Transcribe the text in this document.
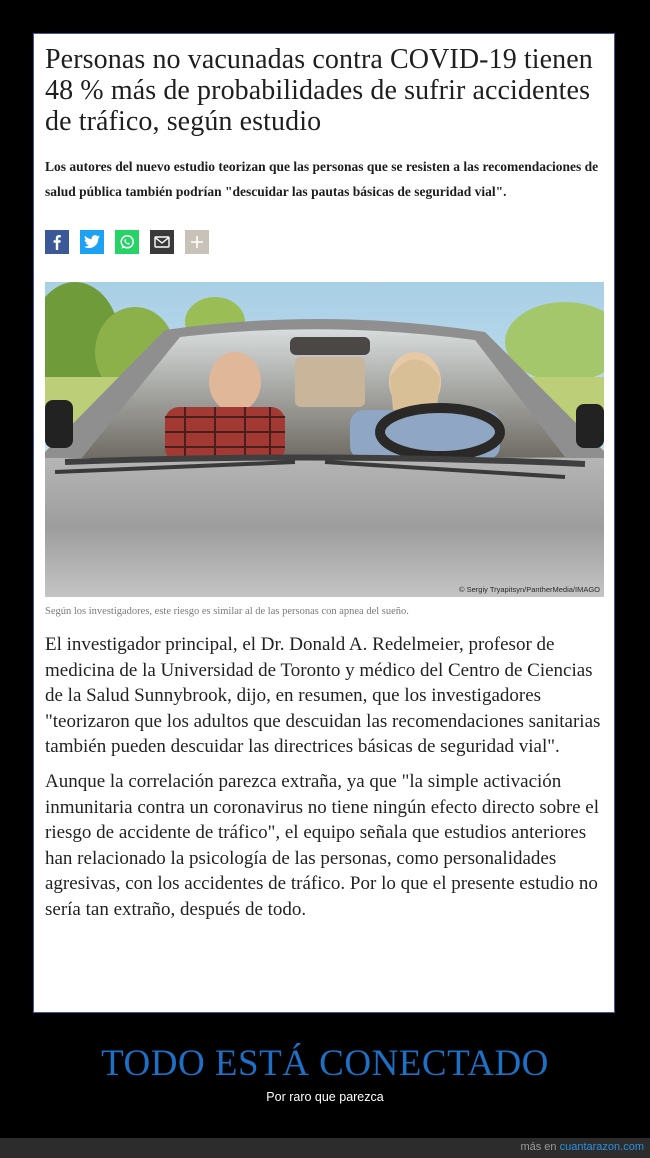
Personas no vacunadas contra COVID-19 tienen 48 % más de probabilidades de sufrir accidentes de tráfico, según estudio

Los autores del nuevo estudio teorizan que las personas que se resisten a las recomendaciones de salud pública también podrían "descuidar las pautas básicas de seguridad vial".

© Sergiy Tryapitsyn/PantherMedia/IMAGO
Según los investigadores, este riesgo es similar al de las personas con apnea del sueño.

El investigador principal, el Dr. Donald A. Redelmeier, profesor de medicina de la Universidad de Toronto y médico del Centro de Ciencias de la Salud Sunnybrook, dijo, en resumen, que los investigadores "teorizaron que los adultos que descuidan las recomendaciones sanitarias también pueden descuidar las directrices básicas de seguridad vial".

Aunque la correlación parezca extraña, ya que "la simple activación inmunitaria contra un coronavirus no tiene ningún efecto directo sobre el riesgo de accidente de tráfico", el equipo señala que estudios anteriores han relacionado la psicología de las personas, como personalidades agresivas, con los accidentes de tráfico. Por lo que el presente estudio no sería tan extraño, después de todo.

TODO ESTÁ CONECTADO
Por raro que parezca
más en cuantarazon.com
